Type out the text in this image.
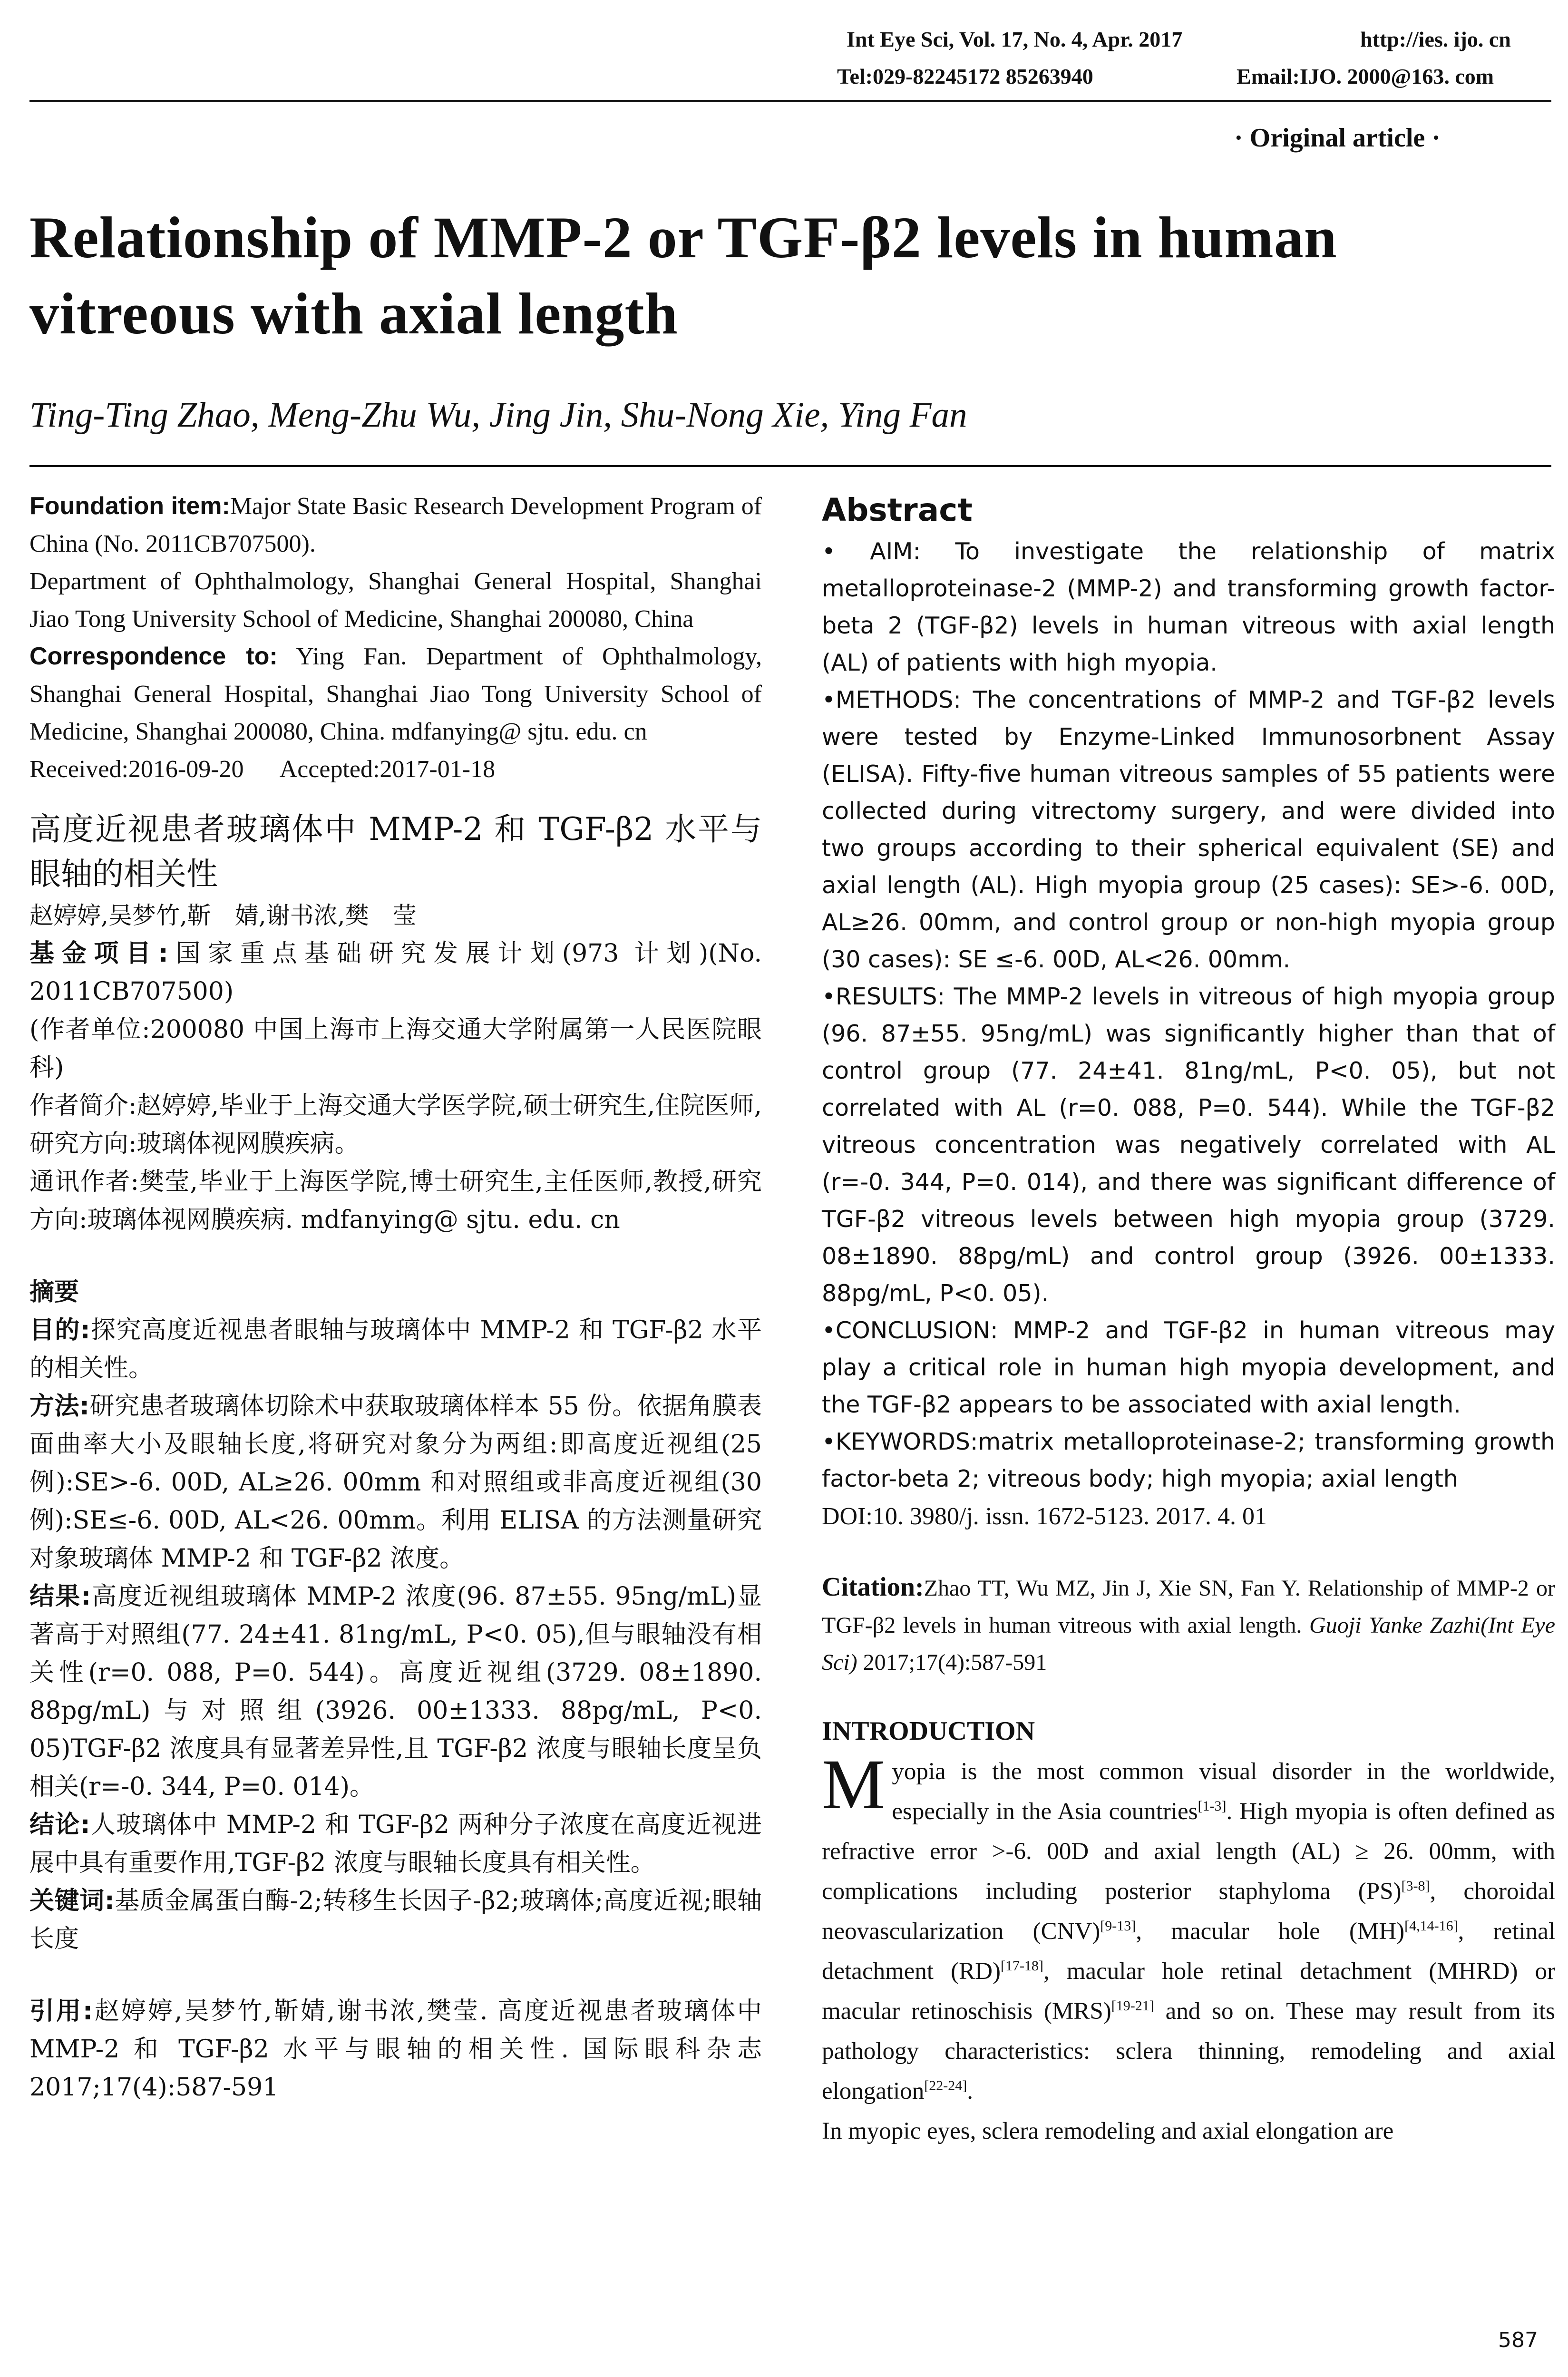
Int Eye Sci, Vol. 17, No. 4, Apr. 2017	http://ies. ijo. cn
Tel:029-82245172 85263940	Email:IJO. 2000@163. com
· Original article ·
Relationship of MMP-2 or TGF-β2 levels in human vitreous with axial length
Ting-Ting Zhao, Meng-Zhu Wu, Jing Jin, Shu-Nong Xie, Ying Fan
Foundation item:Major State Basic Research Development Program of China (No. 2011CB707500).
Department of Ophthalmology, Shanghai General Hospital, Shanghai Jiao Tong University School of Medicine, Shanghai 200080, China
Correspondence to: Ying Fan. Department of Ophthalmology, Shanghai General Hospital, Shanghai Jiao Tong University School of Medicine, Shanghai 200080, China. mdfanying@ sjtu. edu. cn
Received:2016-09-20      Accepted:2017-01-18
高度近视患者玻璃体中 MMP-2 和 TGF-β2 水平与眼轴的相关性
赵婷婷,吴梦竹,靳　婧,谢书浓,樊　莹
基金项目:国家重点基础研究发展计划(973 计划)(No. 2011CB707500)
(作者单位:200080 中国上海市上海交通大学附属第一人民医院眼科)
作者简介:赵婷婷,毕业于上海交通大学医学院,硕士研究生,住院医师,研究方向:玻璃体视网膜疾病。
通讯作者:樊莹,毕业于上海医学院,博士研究生,主任医师,教授,研究方向:玻璃体视网膜疾病. mdfanying@ sjtu. edu. cn
摘要
目的:探究高度近视患者眼轴与玻璃体中 MMP-2 和 TGF-β2 水平的相关性。
方法:研究患者玻璃体切除术中获取玻璃体样本 55 份。依据角膜表面曲率大小及眼轴长度,将研究对象分为两组:即高度近视组(25 例):SE>-6. 00D, AL≥26. 00mm 和对照组或非高度近视组(30 例):SE≤-6. 00D, AL<26. 00mm。利用 ELISA 的方法测量研究对象玻璃体 MMP-2 和 TGF-β2 浓度。
结果:高度近视组玻璃体 MMP-2 浓度(96. 87±55. 95ng/mL)显著高于对照组(77. 24±41. 81ng/mL, P<0. 05),但与眼轴没有相关性(r=0. 088, P=0. 544)。高度近视组(3729. 08±1890. 88pg/mL)与对照组(3926. 00±1333. 88pg/mL, P<0. 05)TGF-β2 浓度具有显著差异性,且 TGF-β2 浓度与眼轴长度呈负相关(r=-0. 344, P=0. 014)。
结论:人玻璃体中 MMP-2 和 TGF-β2 两种分子浓度在高度近视进展中具有重要作用,TGF-β2 浓度与眼轴长度具有相关性。
关键词:基质金属蛋白酶-2;转移生长因子-β2;玻璃体;高度近视;眼轴长度
引用:赵婷婷,吴梦竹,靳婧,谢书浓,樊莹. 高度近视患者玻璃体中 MMP-2 和 TGF-β2 水平与眼轴的相关性. 国际眼科杂志 2017;17(4):587-591
Abstract
• AIM: To investigate the relationship of matrix metalloproteinase-2 (MMP-2) and transforming growth factor-beta 2 (TGF-β2) levels in human vitreous with axial length (AL) of patients with high myopia.
•METHODS: The concentrations of MMP-2 and TGF-β2 levels were tested by Enzyme-Linked Immunosorbnent Assay (ELISA). Fifty-five human vitreous samples of 55 patients were collected during vitrectomy surgery, and were divided into two groups according to their spherical equivalent (SE) and axial length (AL). High myopia group (25 cases): SE>-6. 00D, AL≥26. 00mm, and control group or non-high myopia group (30 cases): SE ≤-6. 00D, AL<26. 00mm.
•RESULTS: The MMP-2 levels in vitreous of high myopia group (96. 87±55. 95ng/mL) was significantly higher than that of control group (77. 24±41. 81ng/mL, P<0. 05), but not correlated with AL (r=0. 088, P=0. 544). While the TGF-β2 vitreous concentration was negatively correlated with AL (r=-0. 344, P=0. 014), and there was significant difference of TGF-β2 vitreous levels between high myopia group (3729. 08±1890. 88pg/mL) and control group (3926. 00±1333. 88pg/mL, P<0. 05).
•CONCLUSION: MMP-2 and TGF-β2 in human vitreous may play a critical role in human high myopia development, and the TGF-β2 appears to be associated with axial length.
•KEYWORDS:matrix metalloproteinase-2; transforming growth factor-beta 2; vitreous body; high myopia; axial length
DOI:10. 3980/j. issn. 1672-5123. 2017. 4. 01
Citation:Zhao TT, Wu MZ, Jin J, Xie SN, Fan Y. Relationship of MMP-2 or TGF-β2 levels in human vitreous with axial length. Guoji Yanke Zazhi(Int Eye Sci) 2017;17(4):587-591
INTRODUCTION
Myopia is the most common visual disorder in the worldwide, especially in the Asia countries[1-3]. High myopia is often defined as refractive error >-6. 00D and axial length (AL) ≥ 26. 00mm, with complications including posterior staphyloma (PS)[3-8], choroidal neovascularization (CNV)[9-13], macular hole (MH)[4,14-16], retinal detachment (RD)[17-18], macular hole retinal detachment (MHRD) or macular retinoschisis (MRS)[19-21] and so on. These may result from its pathology characteristics: sclera thinning, remodeling and axial elongation[22-24].
In myopic eyes, sclera remodeling and axial elongation are
587
